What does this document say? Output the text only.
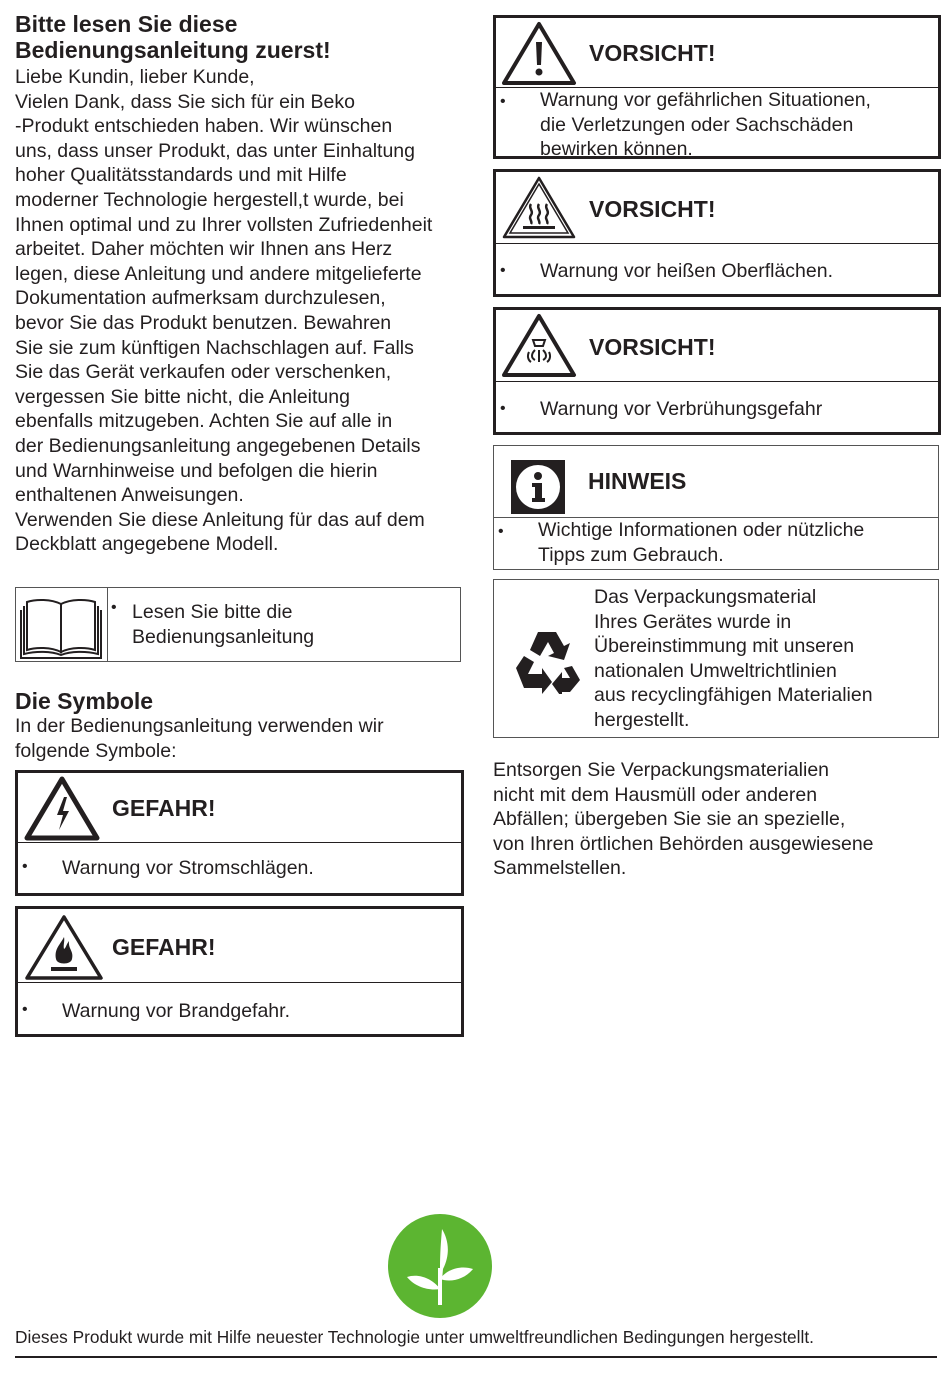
Bitte lesen Sie diese

Bedienungsanleitung zuerst!

Liebe Kundin, lieber Kunde,
Vielen Dank, dass Sie sich für ein Beko
-Produkt entschieden haben. Wir wünschen
uns, dass unser Produkt, das unter Einhaltung
hoher Qualitätsstandards und mit Hilfe
moderner Technologie hergestell,t wurde, bei
Ihnen optimal und zu Ihrer vollsten Zufriedenheit
arbeitet. Daher möchten wir Ihnen ans Herz
legen, diese Anleitung und andere mitgelieferte
Dokumentation aufmerksam durchzulesen,
bevor Sie das Produkt benutzen. Bewahren
Sie sie zum künftigen Nachschlagen auf. Falls
Sie das Gerät verkaufen oder verschenken,
vergessen Sie bitte nicht, die Anleitung
ebenfalls mitzugeben. Achten Sie auf alle in
der Bedienungsanleitung angegebenen Details
und Warnhinweise und befolgen die hierin
enthaltenen Anweisungen.
Verwenden Sie diese Anleitung für das auf dem
Deckblatt angegebene Modell.

• Lesen Sie bitte die
Bedienungsanleitung

Die Symbole

In der Bedienungsanleitung verwenden wir
folgende Symbole:

GEFAHR!
• Warnung vor Stromschlägen.
GEFAHR!
• Warnung vor Brandgefahr.
VORSICHT!
• Warnung vor gefährlichen Situationen,
die Verletzungen oder Sachschäden
bewirken können.
VORSICHT!
• Warnung vor heißen Oberflächen.
VORSICHT!
• Warnung vor Verbrühungsgefahr
HINWEIS
• Wichtige Informationen oder nützliche
Tipps zum Gebrauch.
Das Verpackungsmaterial
Ihres Gerätes wurde in
Übereinstimmung mit unseren
nationalen Umweltrichtlinien
aus recyclingfähigen Materialien
hergestellt.
Entsorgen Sie Verpackungsmaterialien
nicht mit dem Hausmüll oder anderen
Abfällen; übergeben Sie sie an spezielle,
von Ihren örtlichen Behörden ausgewiesene
Sammelstellen.
Dieses Produkt wurde mit Hilfe neuester Technologie unter umweltfreundlichen Bedingungen hergestellt.
